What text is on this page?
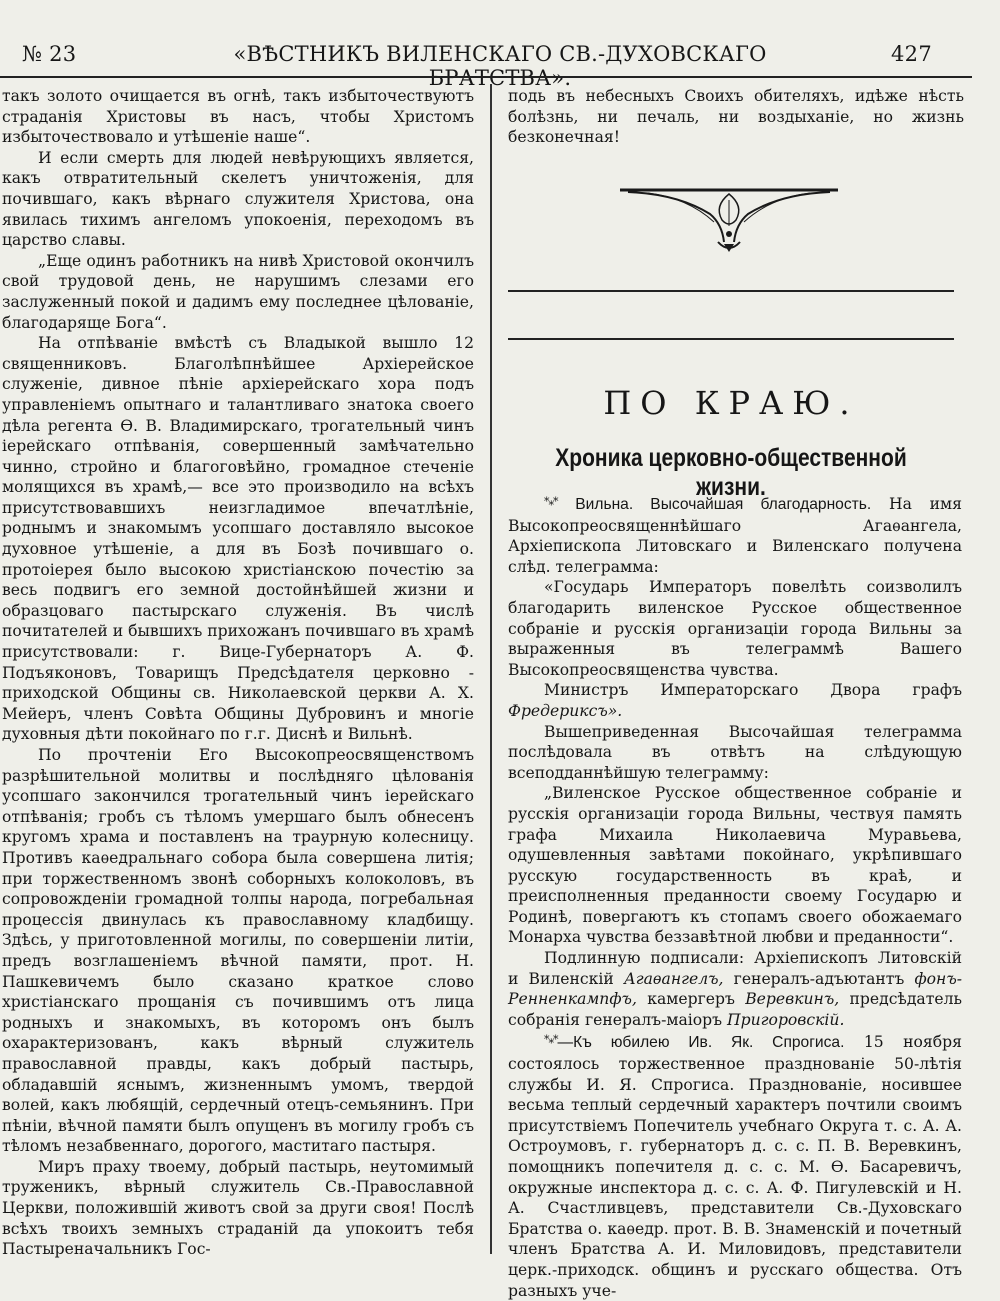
№ 23	«ВѢСТНИКЪ ВИЛЕНСКАГО СВ.-ДУХОВСКАГО БРАТСТВА».
427

такъ золото очищается въ огнѣ, такъ избыточествуютъ страданія Христовы въ насъ, чтобы Христомъ избыточествовало и утѣшеніе наше“.

И если смерть для людей невѣрующихъ является, какъ отвратительный скелетъ уничтоженія, для почившаго, какъ вѣрнаго служителя Христова, она явилась тихимъ ангеломъ упокоенія, переходомъ въ царство славы.

„Еще одинъ работникъ на нивѣ Христовой окончилъ свой трудовой день, не нарушимъ слезами его заслуженный покой и дадимъ ему последнее цѣлованіе, благодаряще Бога“.

На отпѣваніе вмѣстѣ съ Владыкой вышло 12 священниковъ. Благолѣпнѣйшее Архіерейское служеніе, дивное пѣніе архіерейскаго хора подъ управленіемъ опытнаго и талантливаго знатока своего дѣла регента Ѳ. В. Владимирскаго, трогательный чинъ іерейскаго отпѣванія, совершенный замѣчательно чинно, стройно и благоговѣйно, громадное стеченіе молящихся въ храмѣ,— все это производило на всѣхъ присутствовавшихъ неизгладимое впечатлѣніе, роднымъ и знакомымъ усопшаго доставляло высокое духовное утѣшеніе, а для въ Бозѣ почившаго о. протоіерея было высокою христіанскою почестію за весь подвигъ его земной достойнѣйшей жизни и образцоваго пастырскаго служенія. Въ числѣ почитателей и бывшихъ прихожанъ почившаго въ храмѣ присутствовали: г. Вице-Губернаторъ А. Ф. Подъяконовъ, Товарищъ Предсѣдателя церковно - приходской Общины св. Николаевской церкви А. Х. Мейеръ, членъ Совѣта Общины Дубровинъ и многіе духовныя дѣти покойнаго по г.г. Диснѣ и Вильнѣ.

По прочтеніи Его Высокопреосвященствомъ разрѣшительной молитвы и послѣдняго цѣлованія усопшаго закончился трогательный чинъ іерейскаго отпѣванія; гробъ съ тѣломъ умершаго былъ обнесенъ кругомъ храма и поставленъ на траурную колесницу. Противъ каѳедральнаго собора была совершена литія; при торжественномъ звонѣ соборныхъ колоколовъ, въ сопровожденіи громадной толпы народа, погребальная процессія двинулась къ православному кладбищу. Здѣсь, у приготовленной могилы, по совершеніи литіи, предъ возглашеніемъ вѣчной памяти, прот. Н. Пашкевичемъ было сказано краткое слово христіанскаго прощанія съ почившимъ отъ лица родныхъ и знакомыхъ, въ которомъ онъ былъ охарактеризованъ, какъ вѣрный служитель православной правды, какъ добрый пастырь, обладавшій яснымъ, жизненнымъ умомъ, твердой волей, какъ любящій, сердечный отецъ-семьянинъ. При пѣніи, вѣчной памяти былъ опущенъ въ могилу гробъ съ тѣломъ незабвеннаго, дорогого, маститаго пастыря.

Миръ праху твоему, добрый пастырь, неутомимый труженикъ, вѣрный служитель Св.-Православной Церкви, положившій животъ свой за други своя! Послѣ всѣхъ твоихъ земныхъ страданій да упокоитъ тебя Пастыреначальникъ Гос-

подь въ небесныхъ Своихъ обителяхъ, идѣже нѣсть болѣзнь, ни печаль, ни воздыханіе, но жизнь безконечная!

ПО КРАЮ.
Хроника церковно-общественной жизни.

*⁎* Вильна. Высочайшая благодарность. На имя Высокопреосвященнѣйшаго Агаѳангела, Архіепископа Литовскаго и Виленскаго получена слѣд. телеграмма:

«Государь Императоръ повелѣть соизволилъ благодарить виленское Русское общественное собраніе и русскія организаціи города Вильны за выраженныя въ телеграммѣ Вашего Высокопреосвященства чувства.

Министръ Императорскаго Двора графъ Фредериксъ».

Вышеприведенная Высочайшая телеграмма послѣдовала въ отвѣтъ на слѣдующую всеподданнѣйшую телеграмму:

„Виленское Русское общественное собраніе и русскія организаціи города Вильны, чествуя память графа Михаила Николаевича Муравьева, одушевленныя завѣтами покойнаго, укрѣпившаго русскую государственность въ краѣ, и преисполненныя преданности своему Государю и Родинѣ, повергаютъ къ стопамъ своего обожаемаго Монарха чувства беззавѣтной любви и преданности“.

Подлинную подписали: Архіепископъ Литовскій и Виленскій Агаѳангелъ, генералъ-адъютантъ фонъ-Ренненкампфъ, камергеръ Веревкинъ, предсѣдатель собранія генералъ-маіоръ Пригоровскій.

*⁎*—Къ юбилею Ив. Як. Спрогиса. 15 ноября состоялось торжественное празднованіе 50-лѣтія службы И. Я. Спрогиса. Празднованіе, носившее весьма теплый сердечный характеръ почтили своимъ присутствіемъ Попечитель учебнаго Округа т. с. А. А. Остроумовъ, г. губернаторъ д. с. с. П. В. Веревкинъ, помощникъ попечителя д. с. с. М. Ѳ. Басаревичъ, окружные инспектора д. с. с. А. Ф. Пигулевскій и Н. А. Счастливцевъ, представители Св.-Духовскаго Братства о. каѳедр. прот. В. В. Знаменскій и почетный членъ Братства А. И. Миловидовъ, представители церк.-приходск. общинъ и русскаго общества. Отъ разныхъ уче-
